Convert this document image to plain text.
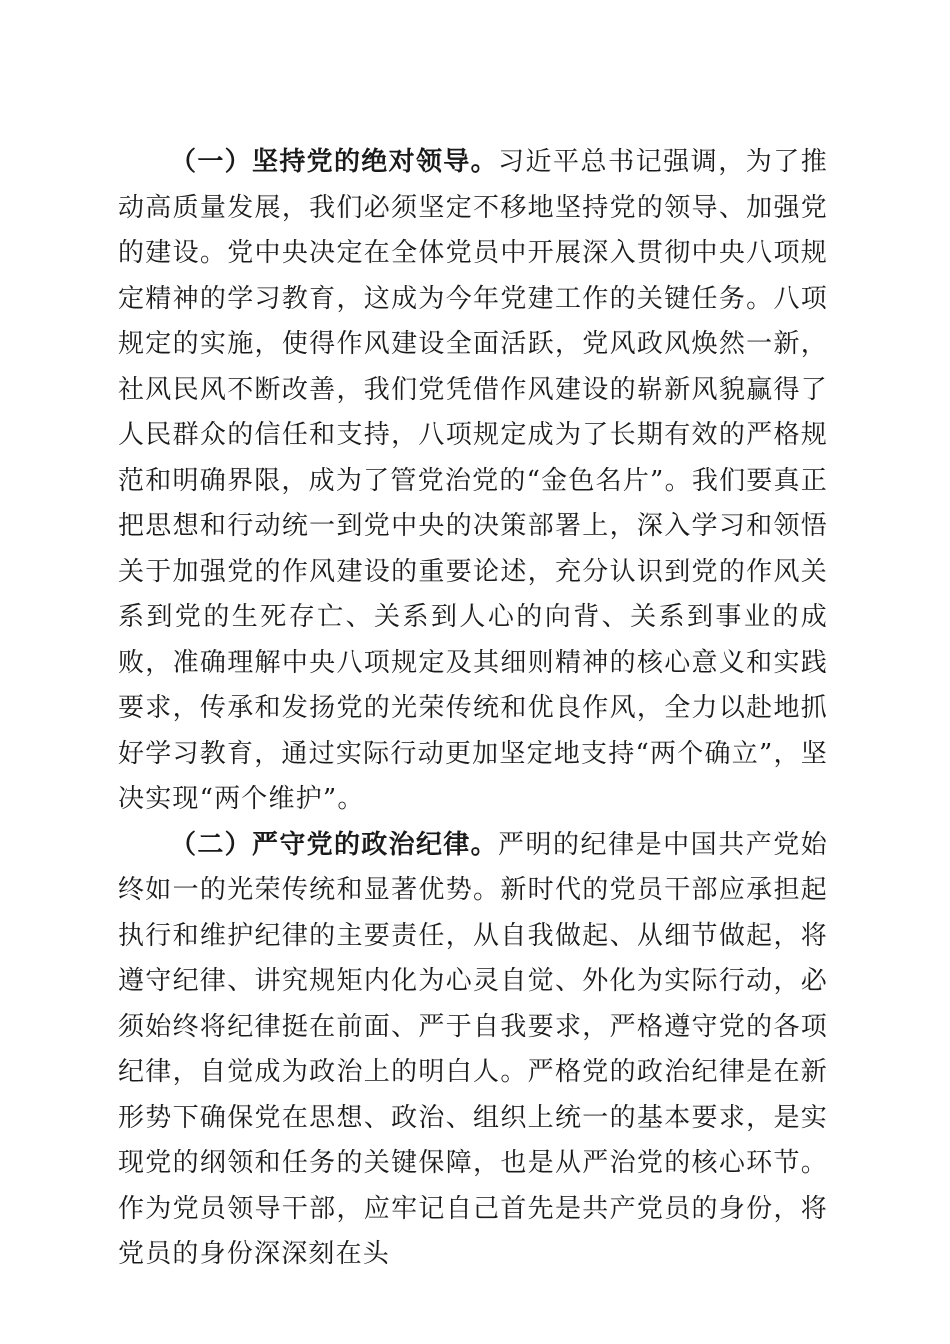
（一）坚持党的绝对领导。习近平总书记强调，为了推动高质量发展，我们必须坚定不移地坚持党的领导、加强党的建设。党中央决定在全体党员中开展深入贯彻中央八项规定精神的学习教育，这成为今年党建工作的关键任务。八项规定的实施，使得作风建设全面活跃，党风政风焕然一新，社风民风不断改善，我们党凭借作风建设的崭新风貌赢得了人民群众的信任和支持，八项规定成为了长期有效的严格规范和明确界限，成为了管党治党的“金色名片”。我们要真正把思想和行动统一到党中央的决策部署上，深入学习和领悟关于加强党的作风建设的重要论述，充分认识到党的作风关系到党的生死存亡、关系到人心的向背、关系到事业的成败，准确理解中央八项规定及其细则精神的核心意义和实践要求，传承和发扬党的光荣传统和优良作风，全力以赴地抓好学习教育，通过实际行动更加坚定地支持“两个确立”，坚决实现“两个维护”。

（二）严守党的政治纪律。严明的纪律是中国共产党始终如一的光荣传统和显著优势。新时代的党员干部应承担起执行和维护纪律的主要责任，从自我做起、从细节做起，将遵守纪律、讲究规矩内化为心灵自觉、外化为实际行动，必须始终将纪律挺在前面、严于自我要求，严格遵守党的各项纪律，自觉成为政治上的明白人。严格党的政治纪律是在新形势下确保党在思想、政治、组织上统一的基本要求，是实现党的纲领和任务的关键保障，也是从严治党的核心环节。作为党员领导干部，应牢记自己首先是共产党员的身份，将党员的身份深深刻在头
